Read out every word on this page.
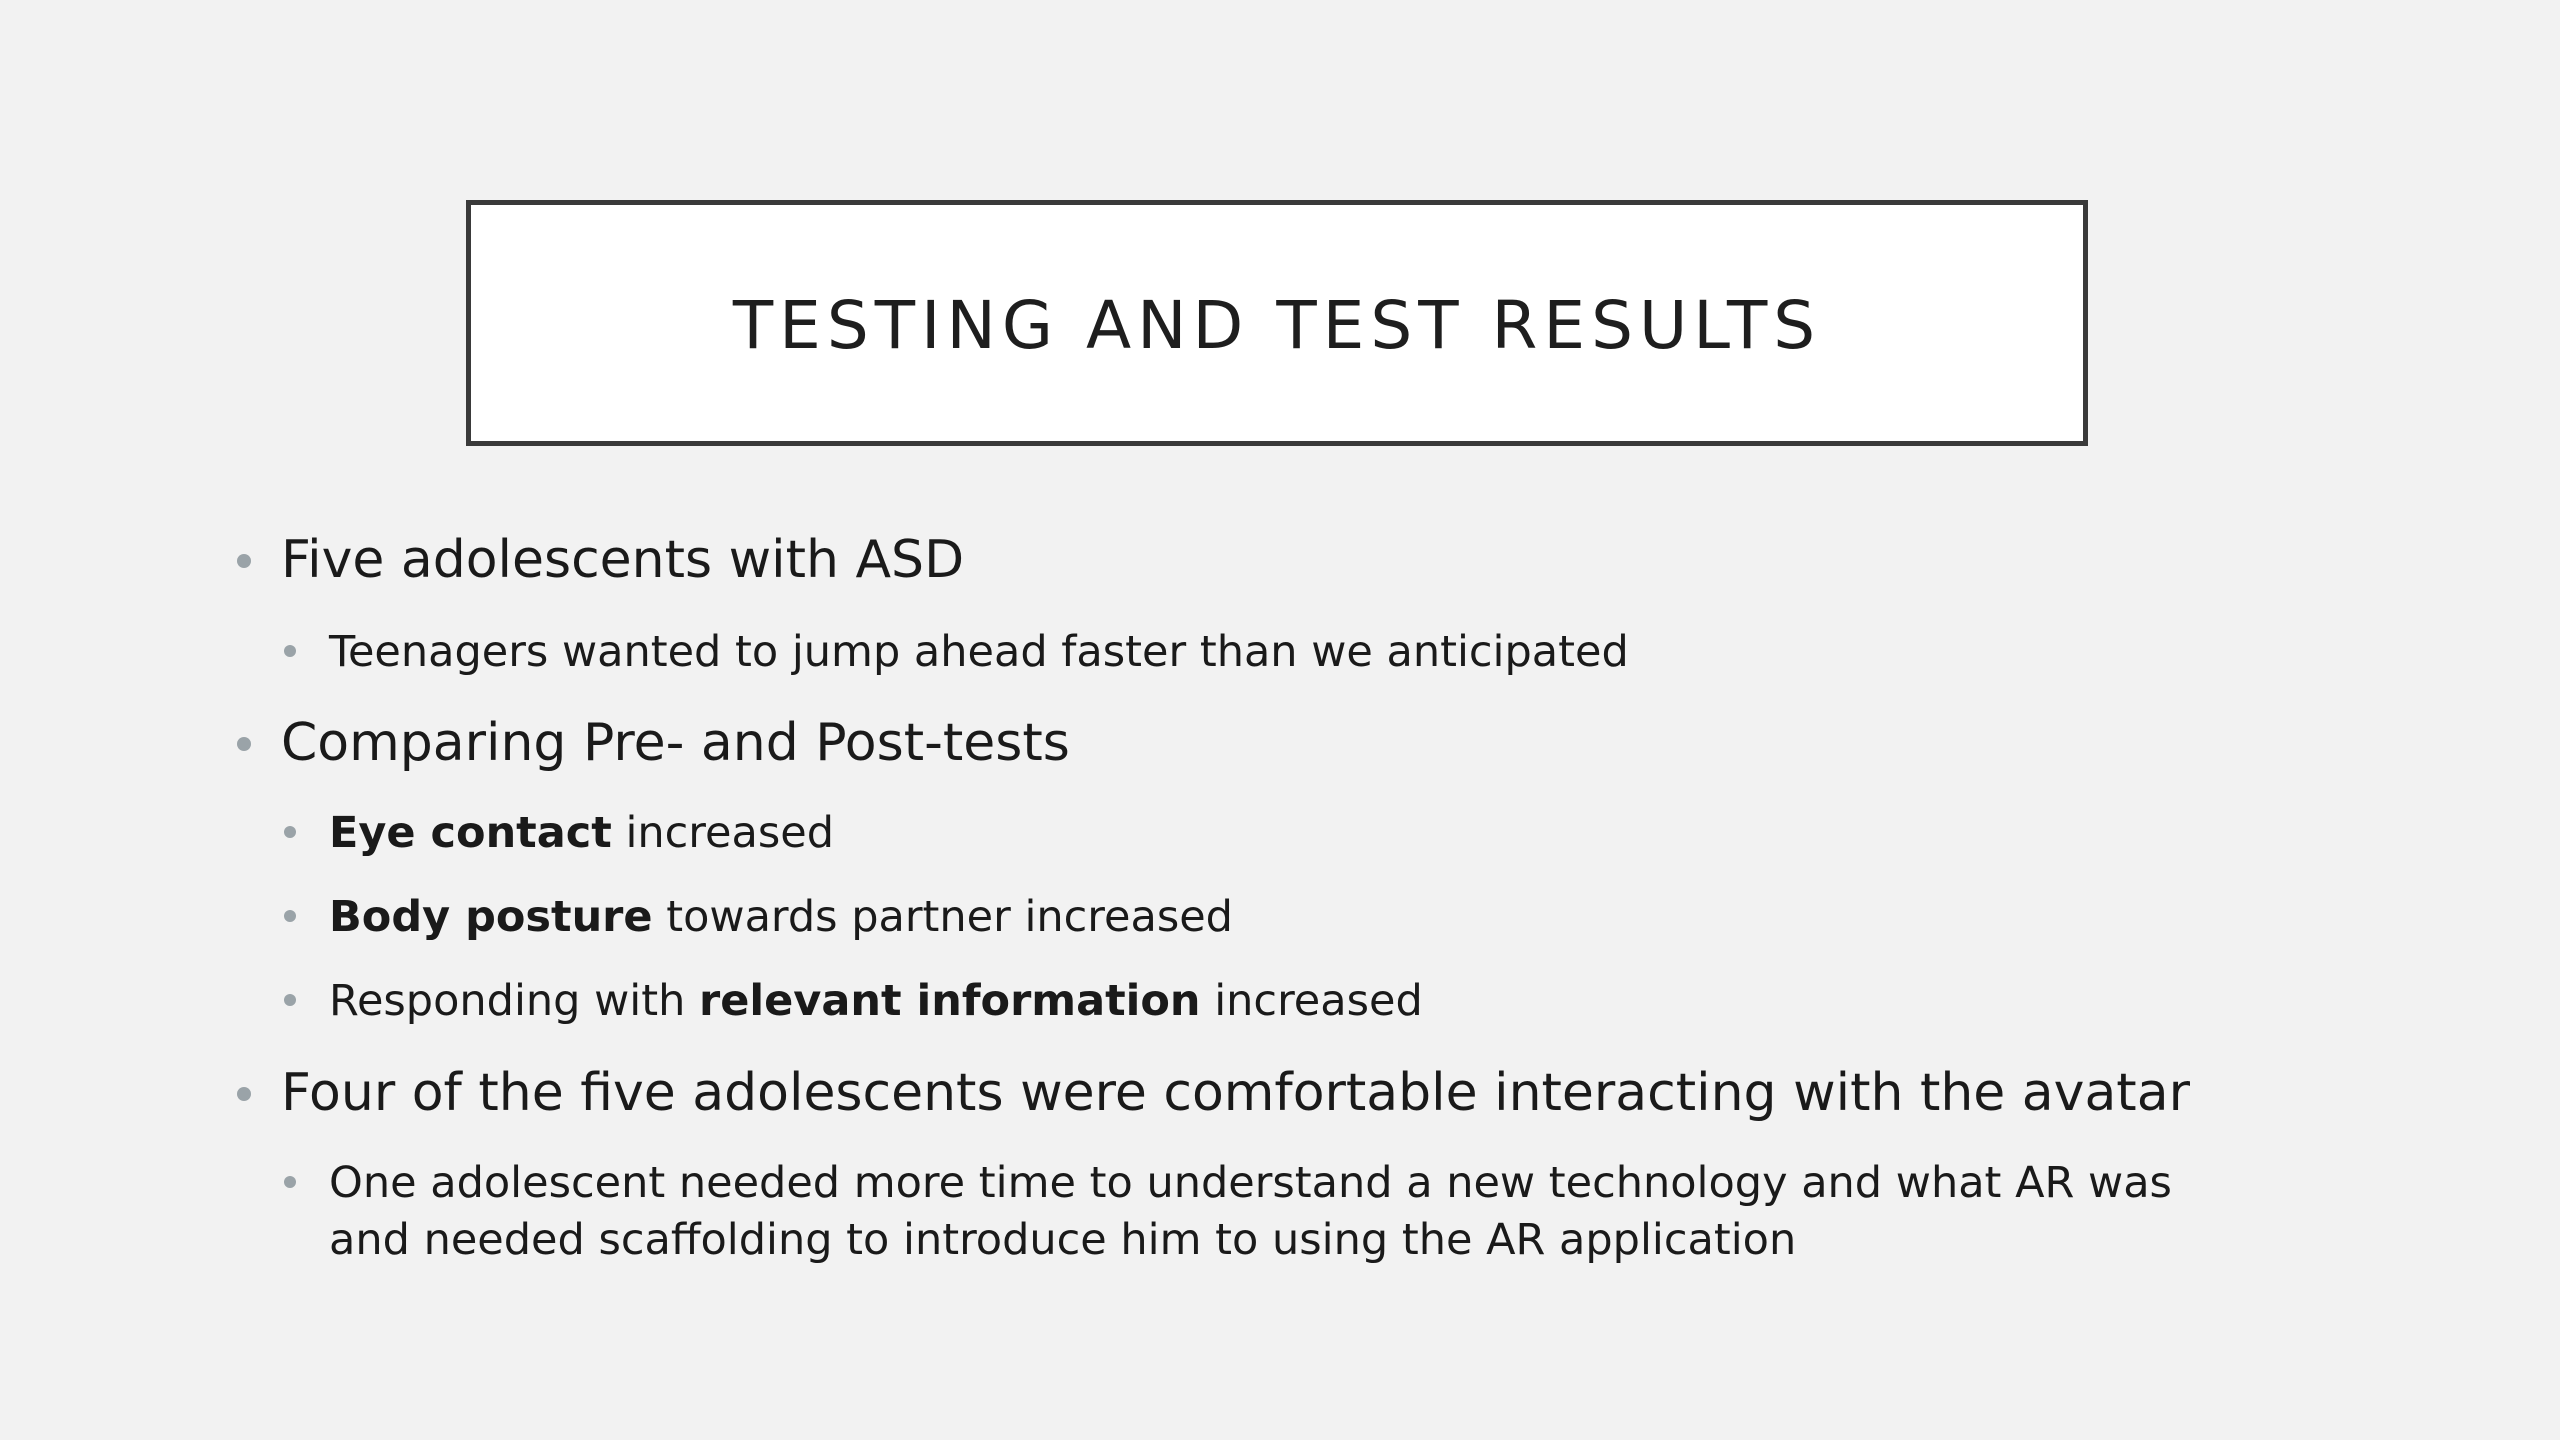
TESTING AND TEST RESULTS
Five adolescents with ASD
Teenagers wanted to jump ahead faster than we anticipated
Comparing Pre- and Post-tests
Eye contact increased
Body posture towards partner increased
Responding with relevant information increased
Four of the five adolescents were comfortable interacting with the avatar
One adolescent needed more time to understand a new technology and what AR was
and needed scaffolding to introduce him to using the AR application
